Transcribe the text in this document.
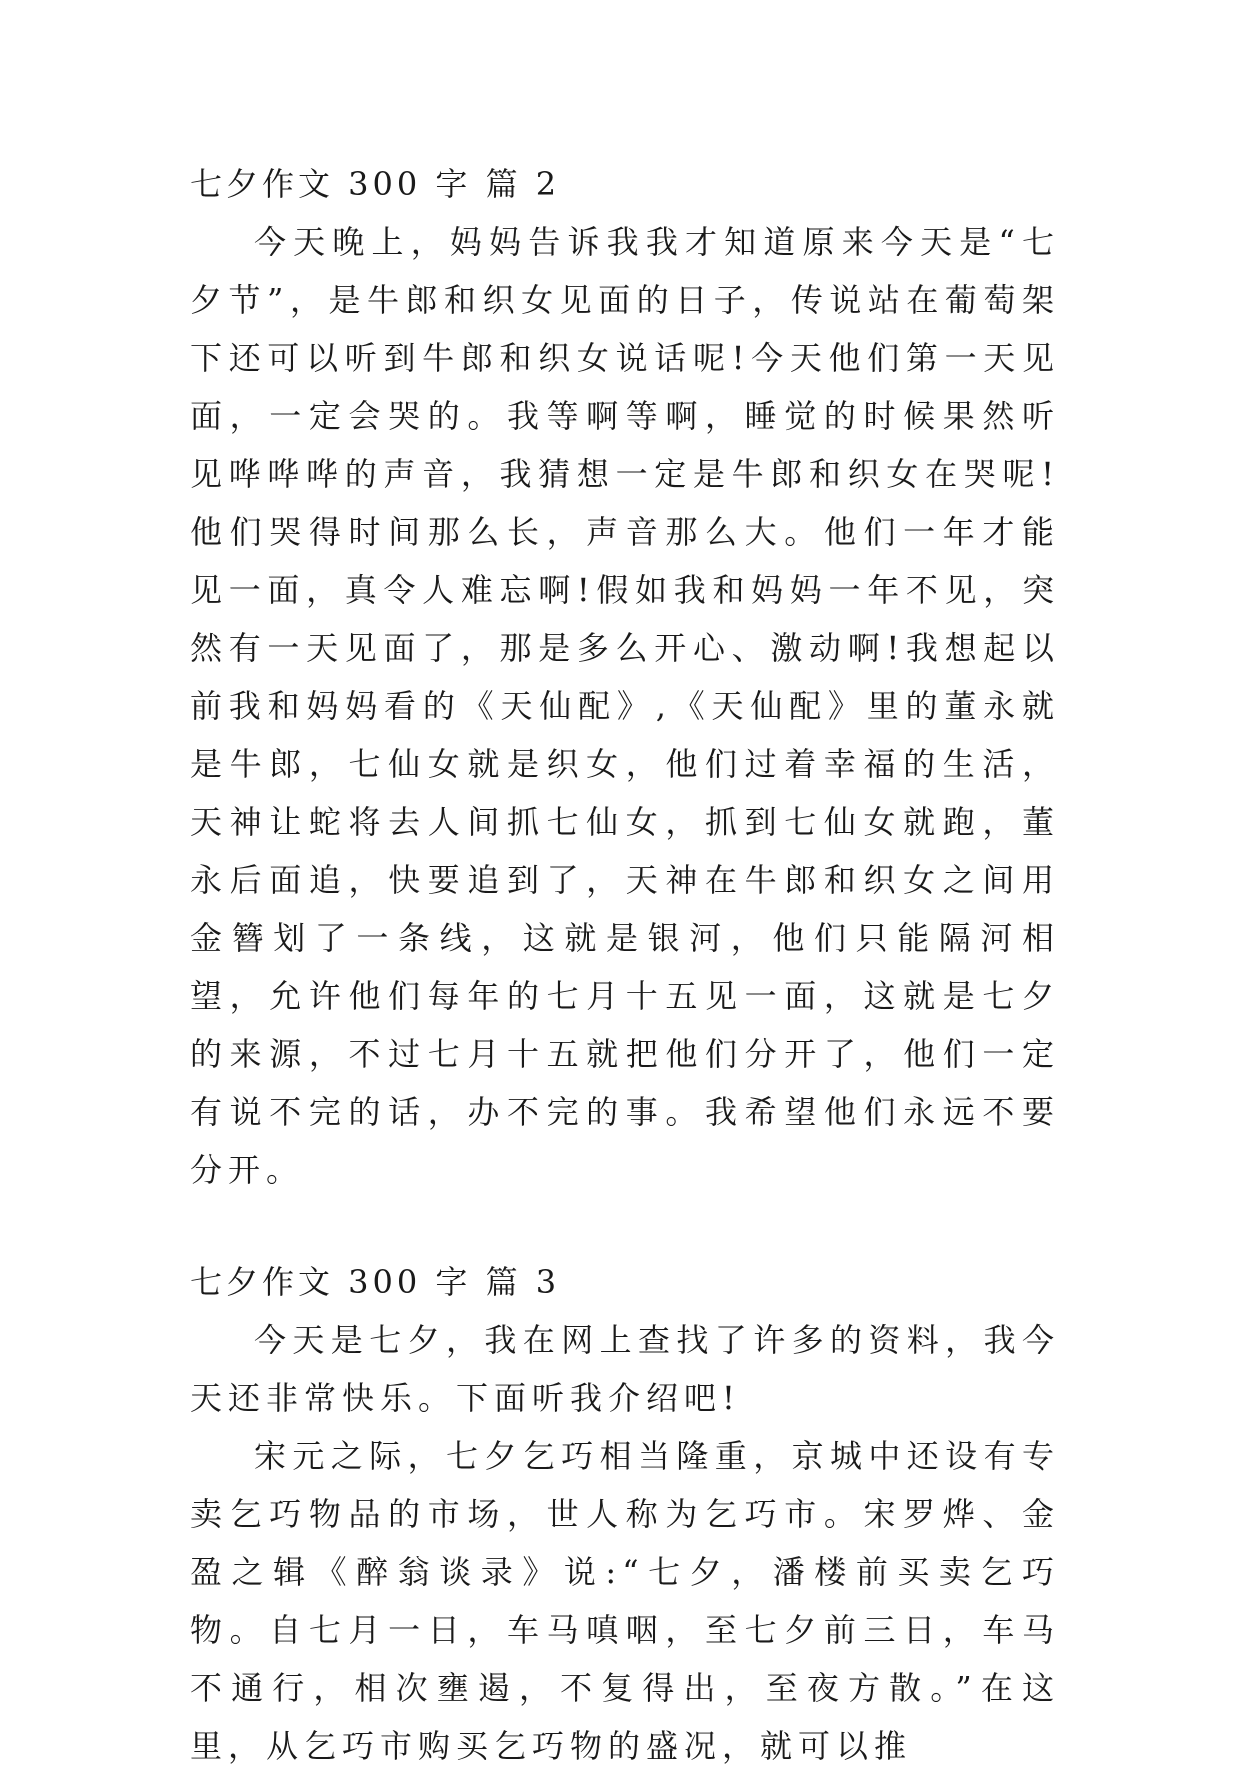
七夕作文 300 字 篇 2

今天晚上，妈妈告诉我我才知道原来今天是“七夕节”，是牛郎和织女见面的日子，传说站在葡萄架下还可以听到牛郎和织女说话呢!今天他们第一天见面，一定会哭的。我等啊等啊，睡觉的时候果然听见哗哗哗的声音，我猜想一定是牛郎和织女在哭呢!他们哭得时间那么长，声音那么大。他们一年才能见一面，真令人难忘啊!假如我和妈妈一年不见，突然有一天见面了，那是多么开心、激动啊!我想起以前我和妈妈看的《天仙配》,《天仙配》里的董永就是牛郎，七仙女就是织女，他们过着幸福的生活，天神让蛇将去人间抓七仙女，抓到七仙女就跑，董永后面追，快要追到了，天神在牛郎和织女之间用金簪划了一条线，这就是银河，他们只能隔河相望，允许他们每年的七月十五见一面，这就是七夕的来源，不过七月十五就把他们分开了，他们一定有说不完的话，办不完的事。我希望他们永远不要分开。

七夕作文 300 字 篇 3

今天是七夕，我在网上查找了许多的资料，我今天还非常快乐。下面听我介绍吧!

宋元之际，七夕乞巧相当隆重，京城中还设有专卖乞巧物品的市场，世人称为乞巧市。宋罗烨、金盈之辑《醉翁谈录》说:“七夕，潘楼前买卖乞巧物。自七月一日，车马嗔咽，至七夕前三日，车马不通行，相次壅遏，不复得出，至夜方散。”在这里，从乞巧市购买乞巧物的盛况，就可以推
